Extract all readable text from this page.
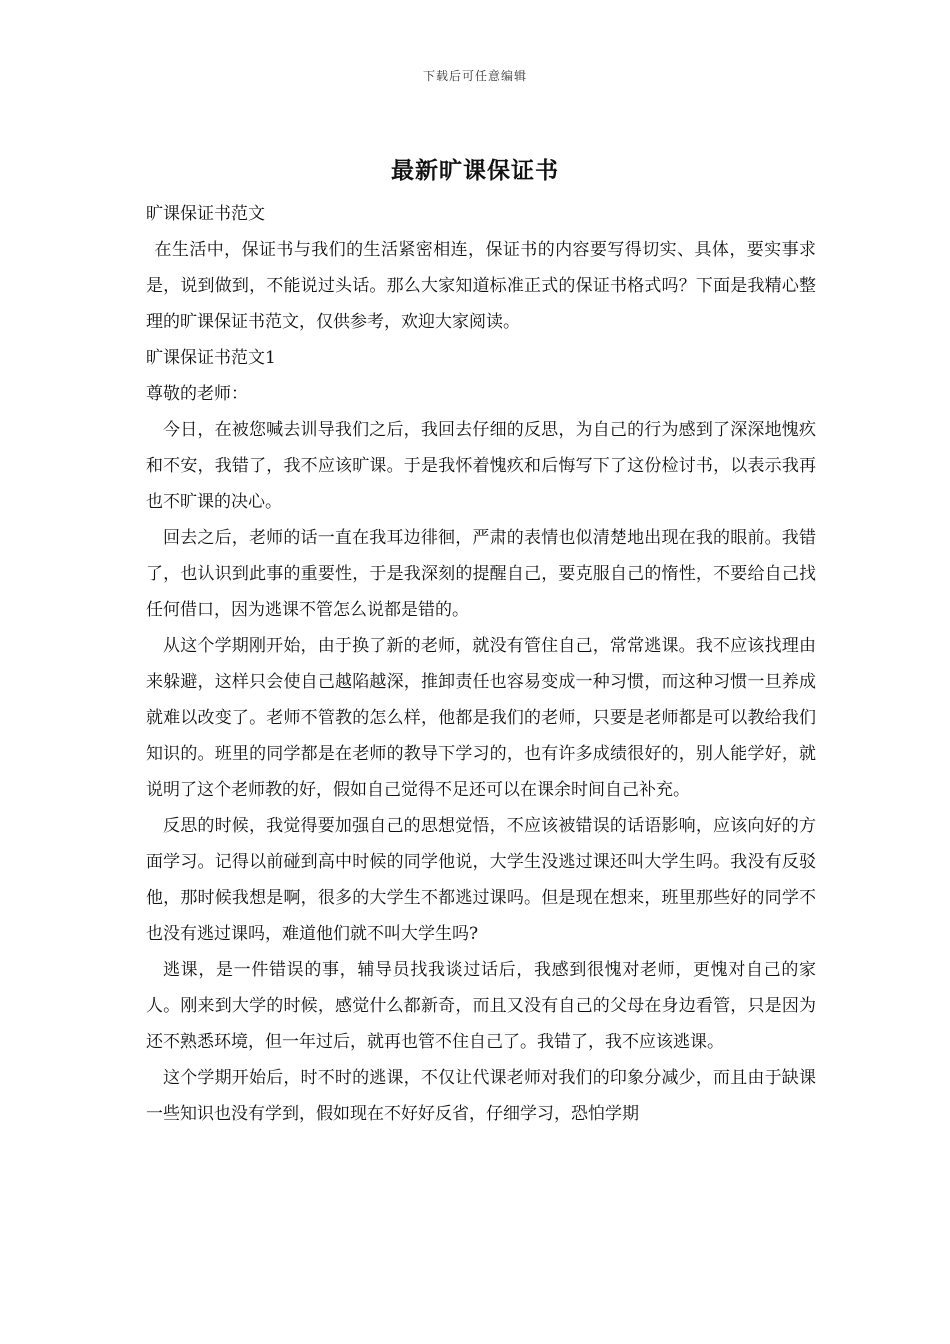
下载后可任意编辑
最新旷课保证书

旷课保证书范文

在生活中，保证书与我们的生活紧密相连，保证书的内容要写得切实、具体，要实事求是，说到做到，不能说过头话。那么大家知道标准正式的保证书格式吗？下面是我精心整理的旷课保证书范文，仅供参考，欢迎大家阅读。

旷课保证书范文1

尊敬的老师：

今日，在被您喊去训导我们之后，我回去仔细的反思，为自己的行为感到了深深地愧疚和不安，我错了，我不应该旷课。于是我怀着愧疚和后悔写下了这份检讨书，以表示我再也不旷课的决心。

回去之后，老师的话一直在我耳边徘徊，严肃的表情也似清楚地出现在我的眼前。我错了，也认识到此事的重要性，于是我深刻的提醒自己，要克服自己的惰性，不要给自己找任何借口，因为逃课不管怎么说都是错的。

从这个学期刚开始，由于换了新的老师，就没有管住自己，常常逃课。我不应该找理由来躲避，这样只会使自己越陷越深，推卸责任也容易变成一种习惯，而这种习惯一旦养成就难以改变了。老师不管教的怎么样，他都是我们的老师，只要是老师都是可以教给我们知识的。班里的同学都是在老师的教导下学习的，也有许多成绩很好的，别人能学好，就说明了这个老师教的好，假如自己觉得不足还可以在课余时间自己补充。

反思的时候，我觉得要加强自己的思想觉悟，不应该被错误的话语影响，应该向好的方面学习。记得以前碰到高中时候的同学他说，大学生没逃过课还叫大学生吗。我没有反驳他，那时候我想是啊，很多的大学生不都逃过课吗。但是现在想来，班里那些好的同学不也没有逃过课吗，难道他们就不叫大学生吗?

逃课，是一件错误的事，辅导员找我谈过话后，我感到很愧对老师，更愧对自己的家人。刚来到大学的时候，感觉什么都新奇，而且又没有自己的父母在身边看管，只是因为还不熟悉环境，但一年过后，就再也管不住自己了。我错了，我不应该逃课。

这个学期开始后，时不时的逃课，不仅让代课老师对我们的印象分减少，而且由于缺课一些知识也没有学到，假如现在不好好反省，仔细学习，恐怕学期
